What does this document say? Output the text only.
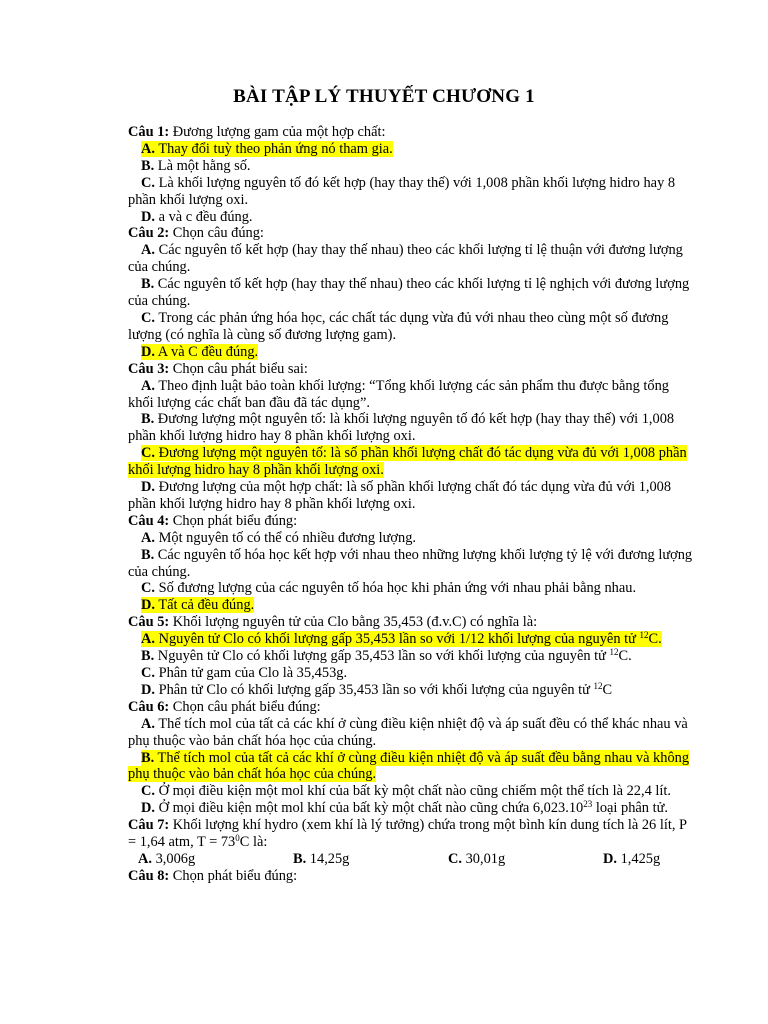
BÀI TẬP LÝ THUYẾT CHƯƠNG 1

Câu 1: Đương lượng gam của một hợp chất:

A. Thay đổi tuỳ theo phản ứng nó tham gia.

B. Là một hằng số.

C. Là khối lượng nguyên tố đó kết hợp (hay thay thế) với 1,008 phần khối lượng hidro hay 8 phần khối lượng oxi.

D. a và c đều đúng.

Câu 2: Chọn câu đúng:

A. Các nguyên tố kết hợp (hay thay thế nhau) theo các khối lượng tỉ lệ thuận với đương lượng của chúng.

B. Các nguyên tố kết hợp (hay thay thế nhau) theo các khối lượng tỉ lệ nghịch với đương lượng của chúng.

C. Trong các phản ứng hóa học, các chất tác dụng vừa đủ với nhau theo cùng một số đương lượng (có nghĩa là cùng số đương lượng gam).

D. A và C đều đúng.

Câu 3: Chọn câu phát biểu sai:

A. Theo định luật bảo toàn khối lượng: “Tổng khối lượng các sản phẩm thu được bằng tổng khối lượng các chất ban đầu đã tác dụng”.

B. Đương lượng một nguyên tố: là khối lượng nguyên tố đó kết hợp (hay thay thế) với 1,008 phần khối lượng hidro hay 8 phần khối lượng oxi.

C. Đương lượng một nguyên tố: là số phần khối lượng chất đó tác dụng vừa đủ với 1,008 phần khối lượng hidro hay 8 phần khối lượng oxi.

D. Đương lượng của một hợp chất: là số phần khối lượng chất đó tác dụng vừa đủ với 1,008 phần khối lượng hidro hay 8 phần khối lượng oxi.

Câu 4: Chọn phát biểu đúng:

A. Một nguyên tố có thể có nhiều đương lượng.

B. Các nguyên tố hóa học kết hợp với nhau theo những lượng khối lượng tỷ lệ với đương lượng của chúng.

C. Số đương lượng của các nguyên tố hóa học khi phản ứng với nhau phải bằng nhau.

D. Tất cả đều đúng.

Câu 5: Khối lượng nguyên tử của Clo bằng 35,453 (đ.v.C) có nghĩa là:

A. Nguyên tử Clo có khối lượng gấp 35,453 lần so với 1/12 khối lượng của nguyên tử $^{12}$C.

B. Nguyên tử Clo có khối lượng gấp 35,453 lần so với khối lượng của nguyên tử $^{12}$C.

C. Phân tử gam của Clo là 35,453g.

D. Phân tử Clo có khối lượng gấp 35,453 lần so với khối lượng của nguyên tử $^{12}$C

Câu 6: Chọn câu phát biểu đúng:

A. Thể tích mol của tất cả các khí ở cùng điều kiện nhiệt độ và áp suất đều có thể khác nhau và phụ thuộc vào bản chất hóa học của chúng.

B. Thể tích mol của tất cả các khí ở cùng điều kiện nhiệt độ và áp suất đều bằng nhau và không phụ thuộc vào bản chất hóa học của chúng.

C. Ở mọi điều kiện một mol khí của bất kỳ một chất nào cũng chiếm một thể tích là 22,4 lít.

D. Ở mọi điều kiện một mol khí của bất kỳ một chất nào cũng chứa 6,023.10$^{23}$ loại phân tử.

Câu 7: Khối lượng khí hydro (xem khí là lý tưởng) chứa trong một bình kín dung tích là 26 lít, P = 1,64 atm, $T = 73^0C$ là:

A. 3,006g	B. 14,25g	C. 30,01g	D. 1,425g

Câu 8: Chọn phát biểu đúng:
